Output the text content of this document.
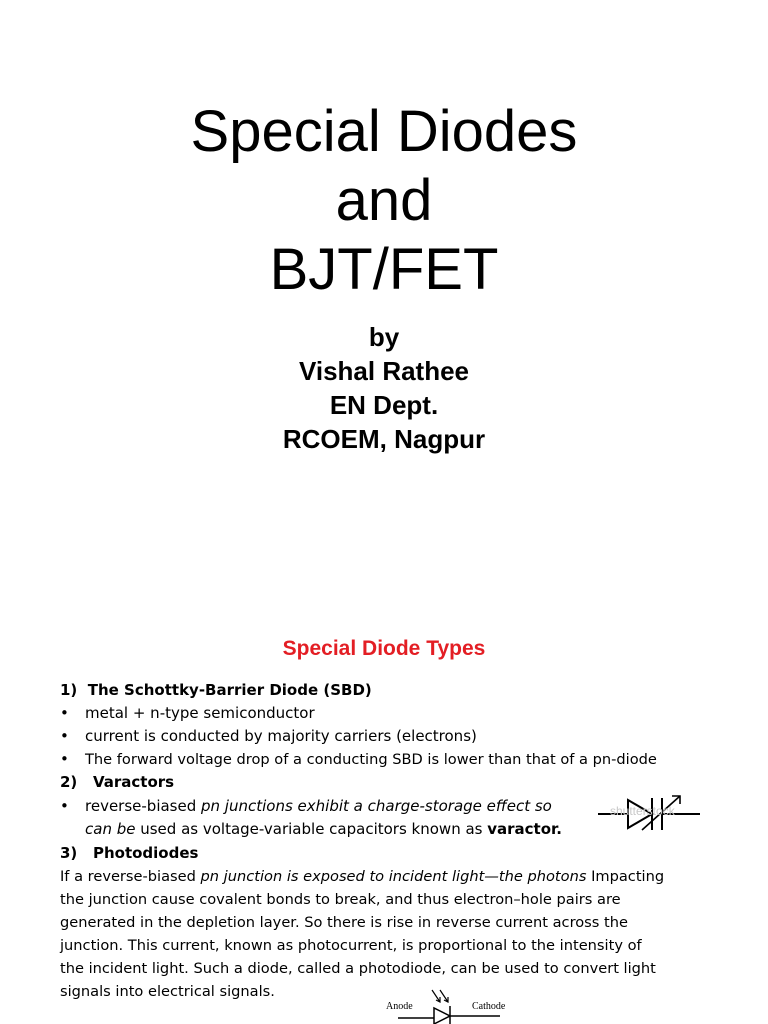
Special Diodes
and
BJT/FET
by
Vishal Rathee
EN Dept.
RCOEM, Nagpur
Special Diode Types
1) The Schottky-Barrier Diode (SBD)
• metal + n-type semiconductor
• current is conducted by majority carriers (electrons)
• The forward voltage drop of a conducting SBD is lower than that of a pn-diode
2) Varactors
• reverse-biased pn junctions exhibit a charge-storage effect so
can be used as voltage-variable capacitors known as varactor.
shutterstock
3) Photodiodes
If a reverse-biased pn junction is exposed to incident light—the photons Impacting
the junction cause covalent bonds to break, and thus electron–hole pairs are
generated in the depletion layer. So there is rise in reverse current across the
junction. This current, known as photocurrent, is proportional to the intensity of
the incident light. Such a diode, called a photodiode, can be used to convert light
signals into electrical signals.
Anode	Cathode
